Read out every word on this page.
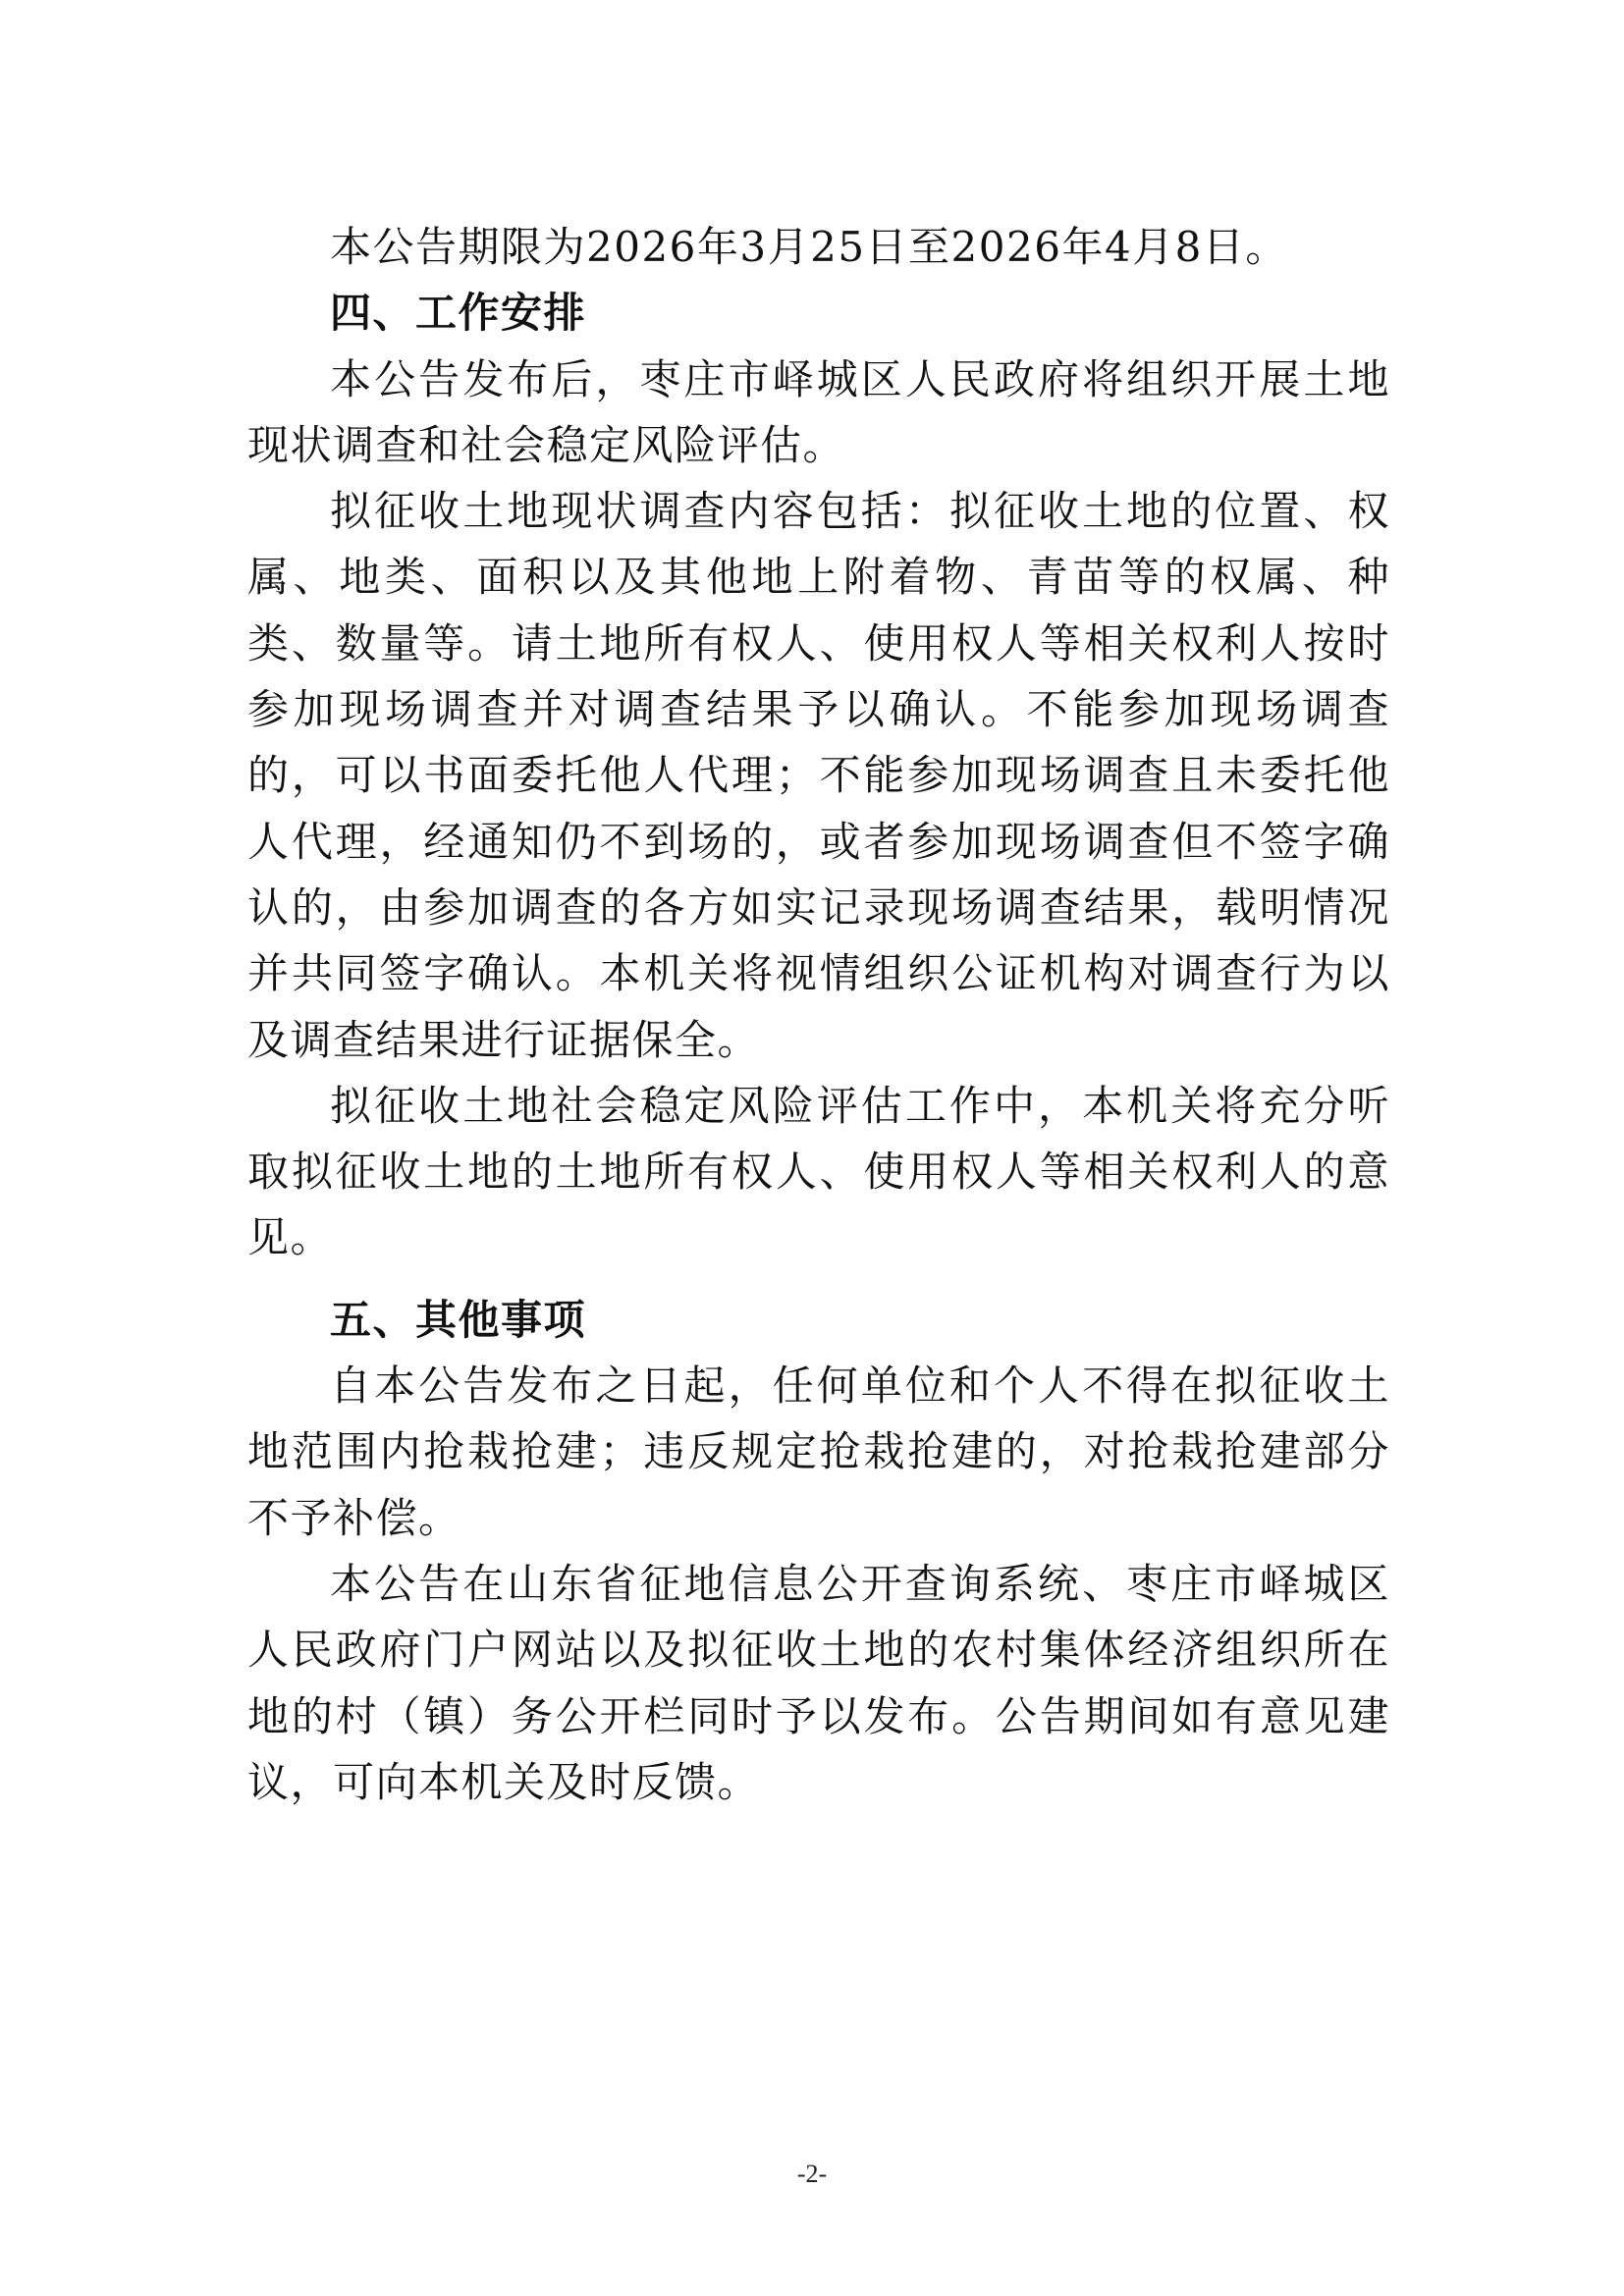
本公告期限为2026年3月25日至2026年4月8日。

四、工作安排

本公告发布后，枣庄市峄城区人民政府将组织开展土地现状调查和社会稳定风险评估。

拟征收土地现状调查内容包括：拟征收土地的位置、权属、地类、面积以及其他地上附着物、青苗等的权属、种类、数量等。请土地所有权人、使用权人等相关权利人按时参加现场调查并对调查结果予以确认。不能参加现场调查的，可以书面委托他人代理；不能参加现场调查且未委托他人代理，经通知仍不到场的，或者参加现场调查但不签字确认的，由参加调查的各方如实记录现场调查结果，载明情况并共同签字确认。本机关将视情组织公证机构对调查行为以及调查结果进行证据保全。

拟征收土地社会稳定风险评估工作中，本机关将充分听取拟征收土地的土地所有权人、使用权人等相关权利人的意见。

五、其他事项

自本公告发布之日起，任何单位和个人不得在拟征收土地范围内抢栽抢建；违反规定抢栽抢建的，对抢栽抢建部分不予补偿。

本公告在山东省征地信息公开查询系统、枣庄市峄城区人民政府门户网站以及拟征收土地的农村集体经济组织所在地的村（镇）务公开栏同时予以发布。公告期间如有意见建议，可向本机关及时反馈。

-2-
